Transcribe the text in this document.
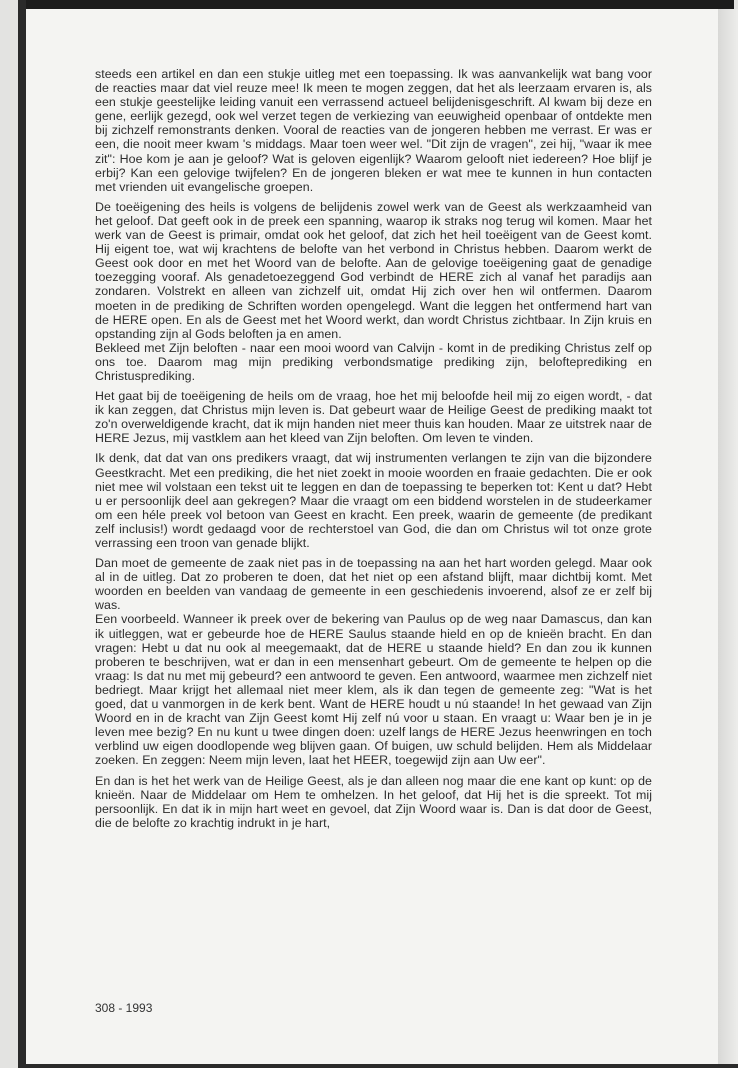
steeds een artikel en dan een stukje uitleg met een toepassing. Ik was aanvankelijk wat bang voor de reacties maar dat viel reuze mee! Ik meen te mogen zeggen, dat het als leerzaam ervaren is, als een stukje geestelijke leiding vanuit een verrassend actueel belijdenisgeschrift. Al kwam bij deze en gene, eerlijk gezegd, ook wel verzet tegen de verkiezing van eeuwigheid openbaar of ontdekte men bij zichzelf remonstrants denken. Vooral de reacties van de jongeren hebben me verrast. Er was er een, die nooit meer kwam 's middags. Maar toen weer wel. "Dit zijn de vragen", zei hij, "waar ik mee zit": Hoe kom je aan je geloof? Wat is geloven eigenlijk? Waarom gelooft niet iedereen? Hoe blijf je erbij? Kan een gelovige twijfelen? En de jongeren bleken er wat mee te kunnen in hun contacten met vrienden uit evangelische groepen.

De toeëigening des heils is volgens de belijdenis zowel werk van de Geest als werkzaamheid van het geloof. Dat geeft ook in de preek een spanning, waarop ik straks nog terug wil komen. Maar het werk van de Geest is primair, omdat ook het geloof, dat zich het heil toeëigent van de Geest komt. Hij eigent toe, wat wij krachtens de belofte van het verbond in Christus hebben. Daarom werkt de Geest ook door en met het Woord van de belofte. Aan de gelovige toeëigening gaat de genadige toezegging vooraf. Als genadetoezeggend God verbindt de HERE zich al vanaf het paradijs aan zondaren. Volstrekt en alleen van zichzelf uit, omdat Hij zich over hen wil ontfermen. Daarom moeten in de prediking de Schriften worden opengelegd. Want die leggen het ontfermend hart van de HERE open. En als de Geest met het Woord werkt, dan wordt Christus zichtbaar. In Zijn kruis en opstanding zijn al Gods beloften ja en amen.

Bekleed met Zijn beloften - naar een mooi woord van Calvijn - komt in de prediking Christus zelf op ons toe. Daarom mag mijn prediking verbondsmatige prediking zijn, belofteprediking en Christusprediking.

Het gaat bij de toeëigening de heils om de vraag, hoe het mij beloofde heil mij zo eigen wordt, - dat ik kan zeggen, dat Christus mijn leven is. Dat gebeurt waar de Heilige Geest de prediking maakt tot zo'n overweldigende kracht, dat ik mijn handen niet meer thuis kan houden. Maar ze uitstrek naar de HERE Jezus, mij vastklem aan het kleed van Zijn beloften. Om leven te vinden.

Ik denk, dat dat van ons predikers vraagt, dat wij instrumenten verlangen te zijn van die bijzondere Geestkracht. Met een prediking, die het niet zoekt in mooie woorden en fraaie gedachten. Die er ook niet mee wil volstaan een tekst uit te leggen en dan de toepassing te beperken tot: Kent u dat? Hebt u er persoonlijk deel aan gekregen? Maar die vraagt om een biddend worstelen in de studeerkamer om een héle preek vol betoon van Geest en kracht. Een preek, waarin de gemeente (de predikant zelf inclusis!) wordt gedaagd voor de rechterstoel van God, die dan om Christus wil tot onze grote verrassing een troon van genade blijkt.

Dan moet de gemeente de zaak niet pas in de toepassing na aan het hart worden gelegd. Maar ook al in de uitleg. Dat zo proberen te doen, dat het niet op een afstand blijft, maar dichtbij komt. Met woorden en beelden van vandaag de gemeente in een geschiedenis invoerend, alsof ze er zelf bij was.

Een voorbeeld. Wanneer ik preek over de bekering van Paulus op de weg naar Damascus, dan kan ik uitleggen, wat er gebeurde hoe de HERE Saulus staande hield en op de knieën bracht. En dan vragen: Hebt u dat nu ook al meegemaakt, dat de HERE u staande hield? En dan zou ik kunnen proberen te beschrijven, wat er dan in een mensenhart gebeurt. Om de gemeente te helpen op die vraag: Is dat nu met mij gebeurd? een antwoord te geven. Een antwoord, waarmee men zichzelf niet bedriegt. Maar krijgt het allemaal niet meer klem, als ik dan tegen de gemeente zeg: "Wat is het goed, dat u vanmorgen in de kerk bent. Want de HERE houdt u nú staande! In het gewaad van Zijn Woord en in de kracht van Zijn Geest komt Hij zelf nú voor u staan. En vraagt u: Waar ben je in je leven mee bezig? En nu kunt u twee dingen doen: uzelf langs de HERE Jezus heenwringen en toch verblind uw eigen doodlopende weg blijven gaan. Of buigen, uw schuld belijden. Hem als Middelaar zoeken. En zeggen: Neem mijn leven, laat het HEER, toegewijd zijn aan Uw eer".

En dan is het het werk van de Heilige Geest, als je dan alleen nog maar die ene kant op kunt: op de knieën. Naar de Middelaar om Hem te omhelzen. In het geloof, dat Hij het is die spreekt. Tot mij persoonlijk. En dat ik in mijn hart weet en gevoel, dat Zijn Woord waar is. Dan is dat door de Geest, die de belofte zo krachtig indrukt in je hart,

308 - 1993
